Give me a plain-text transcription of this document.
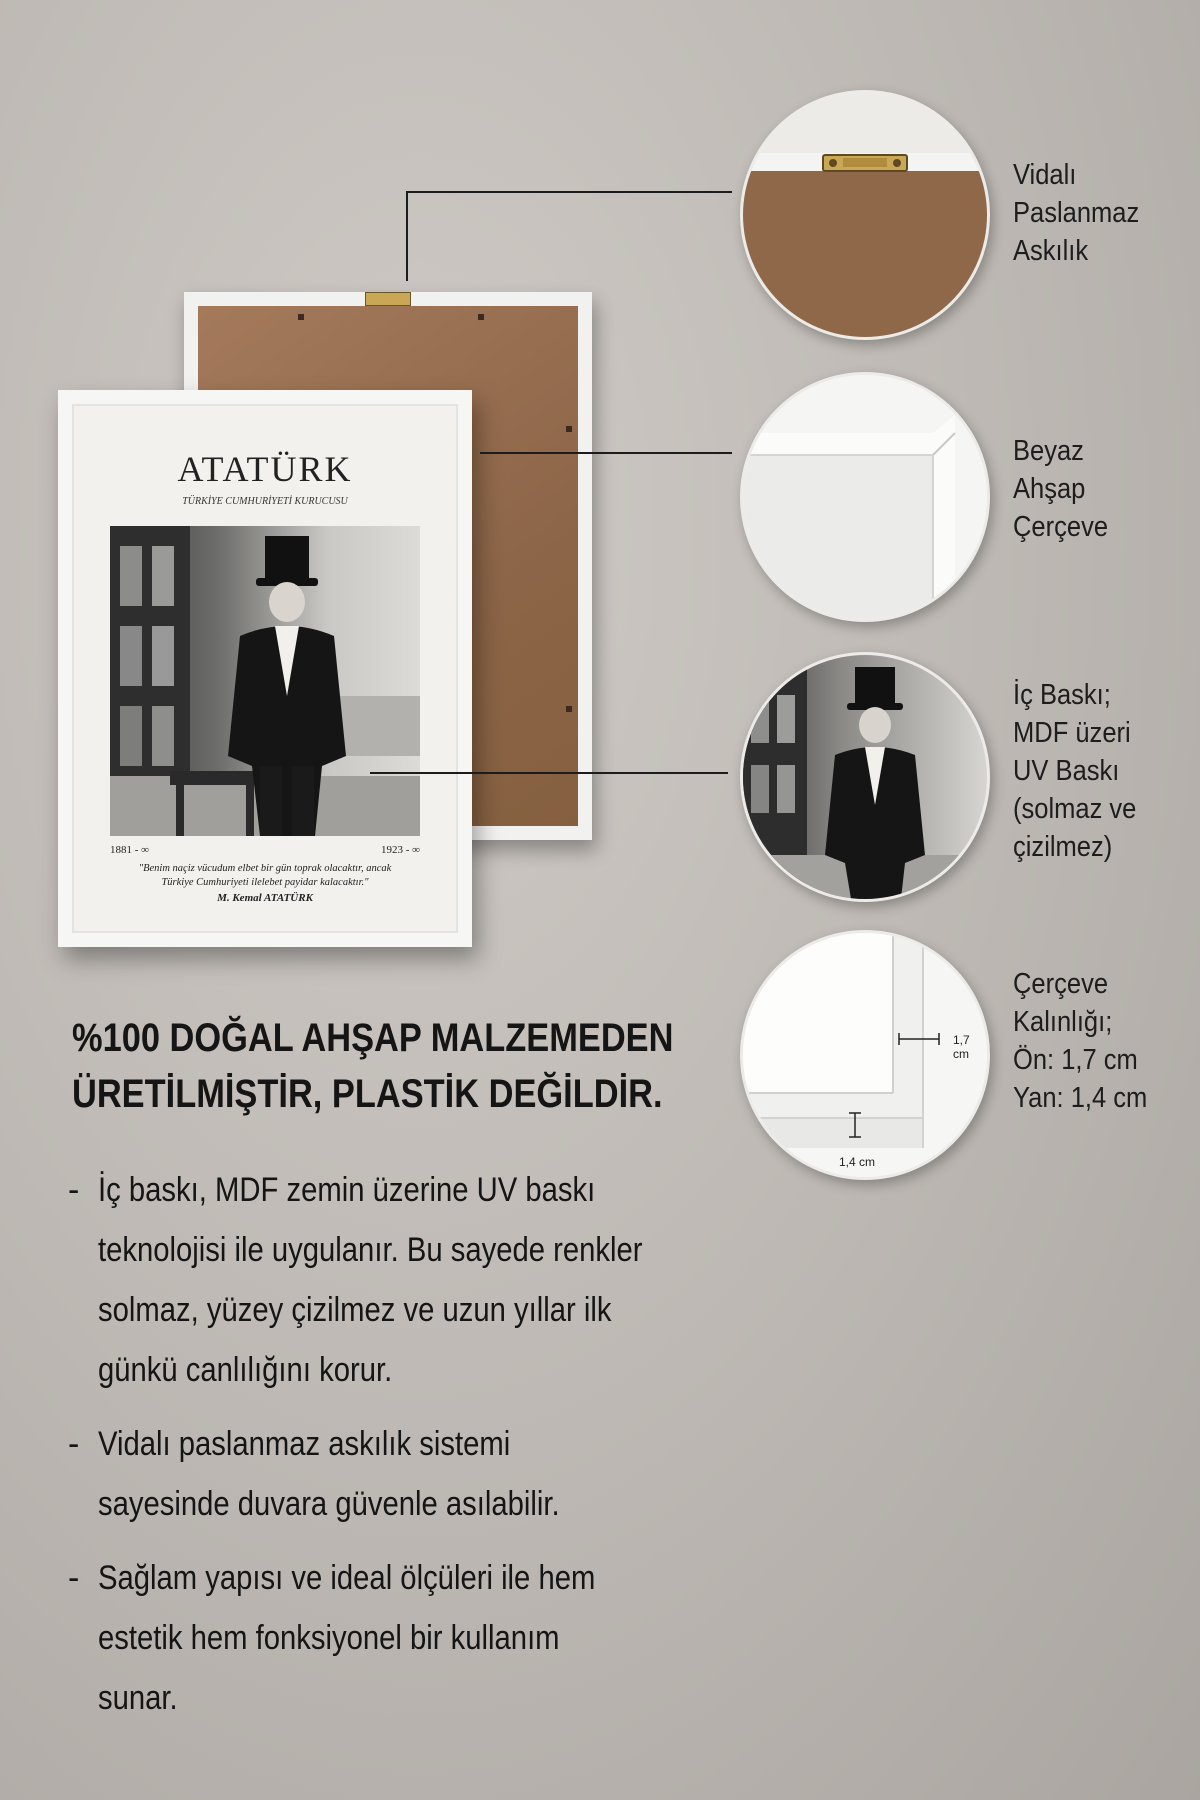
ATATÜRK
TÜRKİYE CUMHURİYETİ KURUCUSU
1881 - ∞	1923 - ∞
"Benim naçiz vücudum elbet bir gün toprak olacaktır, ancak
Türkiye Cumhuriyeti ilelebet payidar kalacaktır."
M. Kemal ATATÜRK
Vidalı
Paslanmaz
Askılık
Beyaz
Ahşap
Çerçeve
İç Baskı;
MDF üzeri
UV Baskı
(solmaz ve
çizilmez)
1,7 cm
1,4 cm
Çerçeve
Kalınlığı;
Ön: 1,7 cm
Yan: 1,4 cm
%100 DOĞAL AHŞAP MALZEMEDEN
ÜRETİLMİŞTİR, PLASTİK DEĞİLDİR.
- İç baskı, MDF zemin üzerine UV baskı
teknolojisi ile uygulanır. Bu sayede renkler
solmaz, yüzey çizilmez ve uzun yıllar ilk
günkü canlılığını korur.
- Vidalı paslanmaz askılık sistemi
sayesinde duvara güvenle asılabilir.
- Sağlam yapısı ve ideal ölçüleri ile hem
estetik hem fonksiyonel bir kullanım
sunar.
